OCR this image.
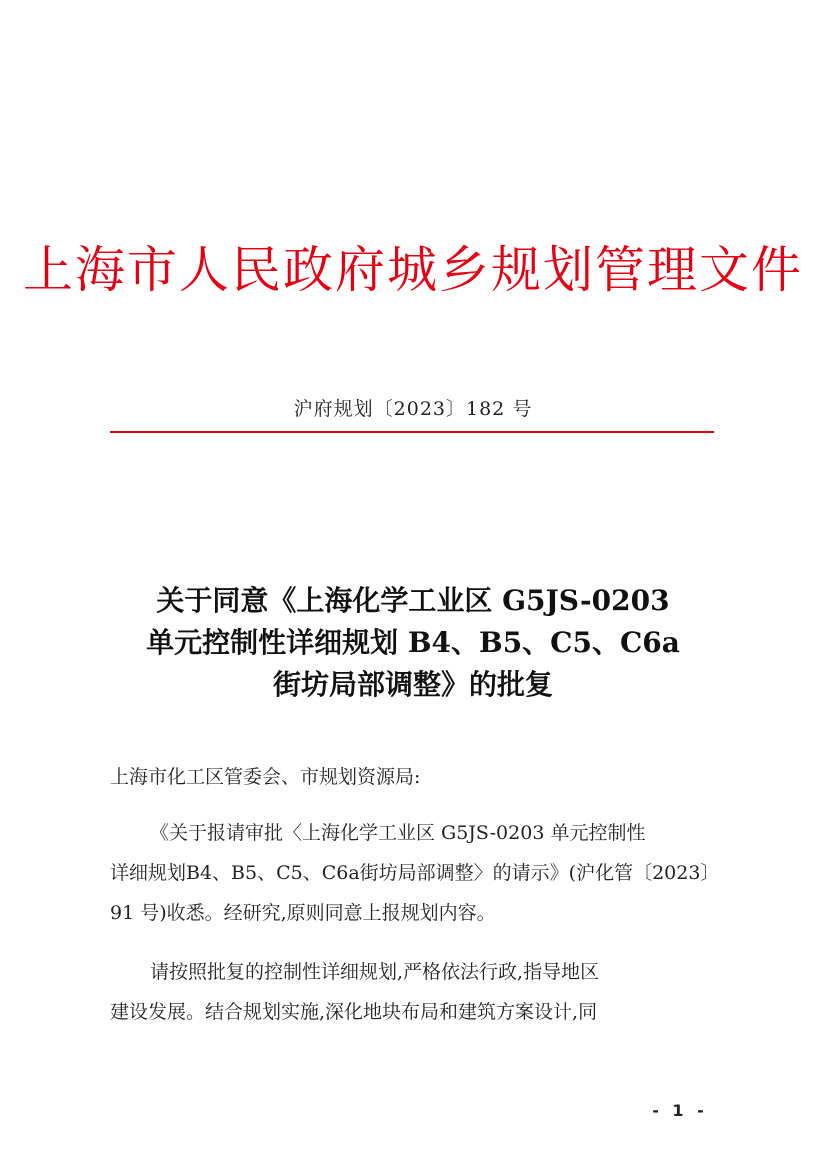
上海市人民政府城乡规划管理文件
沪府规划〔2023〕182 号
关于同意《上海化学工业区 G5JS-0203
单元控制性详细规划 B4、B5、C5、C6a
街坊局部调整》的批复
上海市化工区管委会、市规划资源局:
《关于报请审批〈上海化学工业区 G5JS-0203 单元控制性
详细规划B4、B5、C5、C6a街坊局部调整〉的请示》(沪化管〔2023〕
91 号)收悉。经研究,原则同意上报规划内容。
请按照批复的控制性详细规划,严格依法行政,指导地区
建设发展。结合规划实施,深化地块布局和建筑方案设计,同
- 1 -
